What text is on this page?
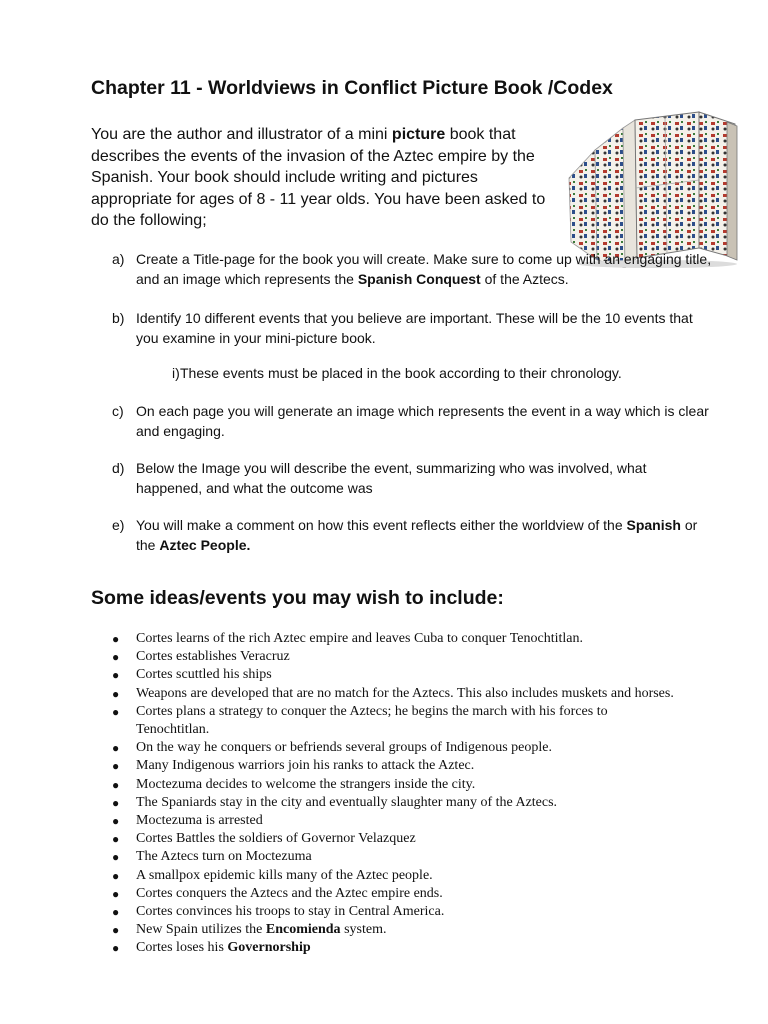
Chapter 11 - Worldviews in Conflict Picture Book /Codex

You are the author and illustrator of a mini picture book that describes the events of the invasion of the Aztec empire by the Spanish. Your book should include writing and pictures appropriate for ages of 8 - 11 year olds. You have been asked to do the following;

a) Create a Title-page for the book you will create. Make sure to come up with an engaging title, and an image which represents the Spanish Conquest of the Aztecs.
b) Identify 10 different events that you believe are important. These will be the 10 events that you examine in your mini-picture book.
i) These events must be placed in the book according to their chronology.
c) On each page you will generate an image which represents the event in a way which is clear and engaging.
d) Below the Image you will describe the event, summarizing who was involved, what happened, and what the outcome was
e) You will make a comment on how this event reflects either the worldview of the Spanish or the Aztec People.
Some ideas/events you may wish to include:
● Cortes learns of the rich Aztec empire and leaves Cuba to conquer Tenochtitlan.
● Cortes establishes Veracruz
● Cortes scuttled his ships
● Weapons are developed that are no match for the Aztecs. This also includes muskets and horses.
● Cortes plans a strategy to conquer the Aztecs; he begins the march with his forces to Tenochtitlan.
● On the way he conquers or befriends several groups of Indigenous people.
● Many Indigenous warriors join his ranks to attack the Aztec.
● Moctezuma decides to welcome the strangers inside the city.
● The Spaniards stay in the city and eventually slaughter many of the Aztecs.
● Moctezuma is arrested
● Cortes Battles the soldiers of Governor Velazquez
● The Aztecs turn on Moctezuma
● A smallpox epidemic kills many of the Aztec people.
● Cortes conquers the Aztecs and the Aztec empire ends.
● Cortes convinces his troops to stay in Central America.
● New Spain utilizes the Encomienda system.
● Cortes loses his Governorship
